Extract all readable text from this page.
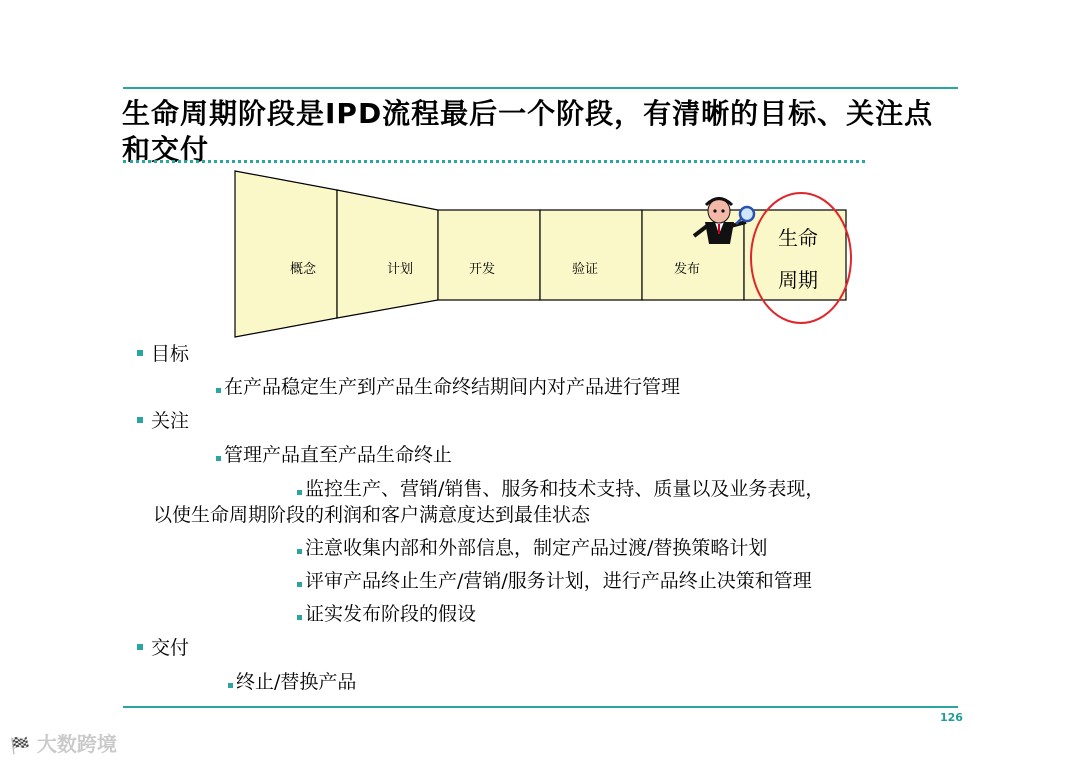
生命周期阶段是IPD流程最后一个阶段，有清晰的目标、关注点和交付
概念	计划	开发	验证	发布
生命
周期
目标
在产品稳定生产到产品生命终结期间内对产品进行管理
关注
管理产品直至产品生命终止
监控生产、营销/销售、服务和技术支持、质量以及业务表现，
以使生命周期阶段的利润和客户满意度达到最佳状态
注意收集内部和外部信息，制定产品过渡/替换策略计划
评审产品终止生产/营销/服务计划，进行产品终止决策和管理
证实发布阶段的假设
交付
终止/替换产品
126
🏁 大数跨境
